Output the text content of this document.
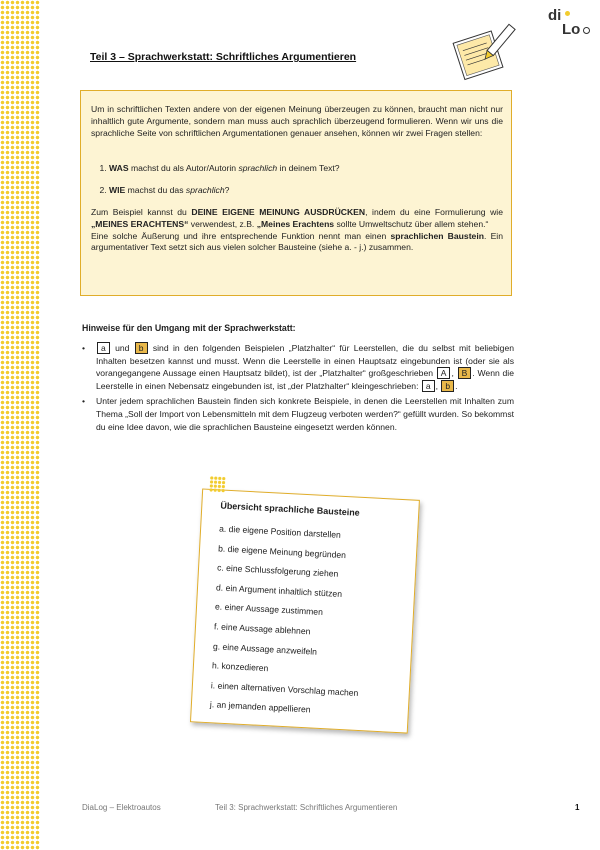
di
Lo
Teil 3 – Sprachwerkstatt: Schriftliches Argumentieren

Um in schriftlichen Texten andere von der eigenen Meinung überzeugen zu können, braucht man nicht nur inhaltlich gute Argumente, sondern man muss auch sprachlich überzeugend formulieren. Wenn wir uns die sprachliche Seite von schriftlichen Argumentationen genauer ansehen, können wir zwei Fragen stellen:

1. WAS machst du als Autor/Autorin sprachlich in deinem Text?
2. WIE machst du das sprachlich?

Zum Beispiel kannst du DEINE EIGENE MEINUNG AUSDRÜCKEN, indem du eine Formulierung wie „MEINES ERACHTENS“ verwendest, z.B. „Meines Erachtens sollte Umweltschutz über allem stehen.“
Eine solche Äußerung und ihre entsprechende Funktion nennt man einen sprachlichen Baustein. Ein argumentativer Text setzt sich aus vielen solcher Bausteine (siehe a. - j.) zusammen.

Hinweise für den Umgang mit der Sprachwerkstatt:
• a und b sind in den folgenden Beispielen „Platzhalter“ für Leerstellen, die du selbst mit beliebigen Inhalten besetzen kannst und musst. Wenn die Leerstelle in einen Hauptsatz eingebunden ist (oder sie als vorangegangene Aussage einen Hauptsatz bildet), ist der „Platzhalter“ großgeschrieben A , B . Wenn die Leerstelle in einen Nebensatz eingebunden ist, ist „der Platzhalter“ kleingeschrieben: a , b .
• Unter jedem sprachlichen Baustein finden sich konkrete Beispiele, in denen die Leerstellen mit Inhalten zum Thema „Soll der Import von Lebensmitteln mit dem Flugzeug verboten werden?“ gefüllt wurden. So bekommst du eine Idee davon, wie die sprachlichen Bausteine eingesetzt werden können.
Übersicht sprachliche Bausteine
a. die eigene Position darstellen
b. die eigene Meinung begründen
c. eine Schlussfolgerung ziehen
d. ein Argument inhaltlich stützen
e. einer Aussage zustimmen
f. eine Aussage ablehnen
g. eine Aussage anzweifeln
h. konzedieren
i. einen alternativen Vorschlag machen
j. an jemanden appellieren
DiaLog – Elektroautos	Teil 3: Sprachwerkstatt: Schriftliches Argumentieren	1
